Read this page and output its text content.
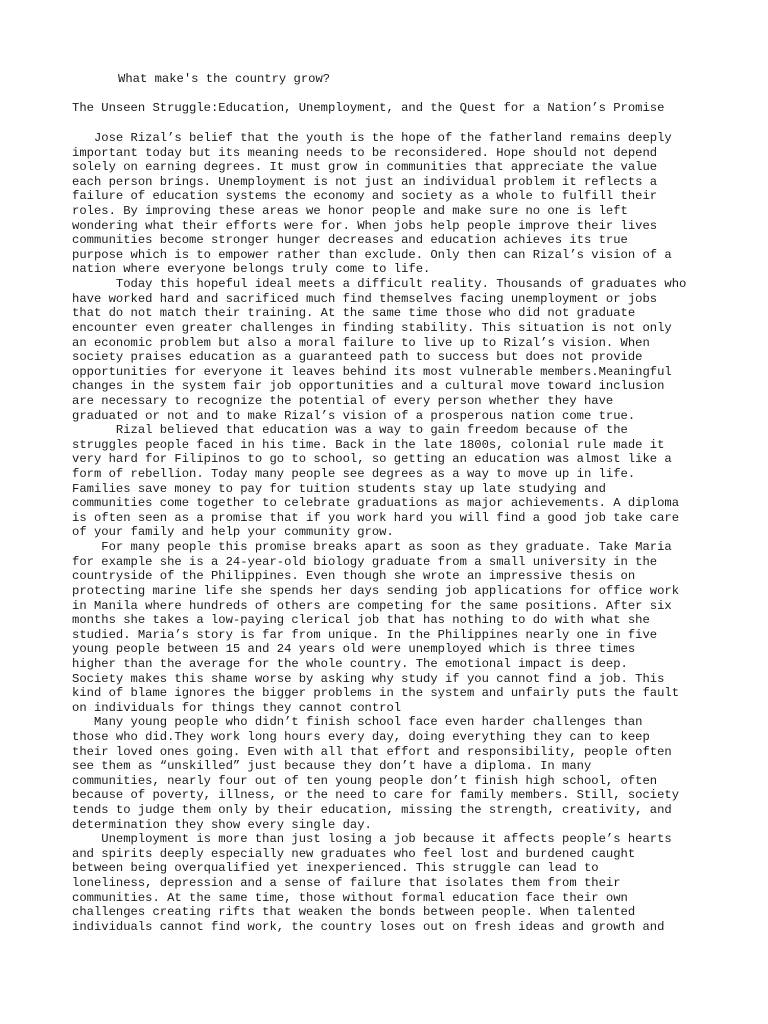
What make's the country grow?
The Unseen Struggle:Education, Unemployment, and the Quest for a Nation’s Promise
Jose Rizal’s belief that the youth is the hope of the fatherland remains deeply
important today but its meaning needs to be reconsidered. Hope should not depend
solely on earning degrees. It must grow in communities that appreciate the value
each person brings. Unemployment is not just an individual problem it reflects a
failure of education systems the economy and society as a whole to fulfill their
roles. By improving these areas we honor people and make sure no one is left
wondering what their efforts were for. When jobs help people improve their lives
communities become stronger hunger decreases and education achieves its true
purpose which is to empower rather than exclude. Only then can Rizal’s vision of a
nation where everyone belongs truly come to life.
Today this hopeful ideal meets a difficult reality. Thousands of graduates who
have worked hard and sacrificed much find themselves facing unemployment or jobs
that do not match their training. At the same time those who did not graduate
encounter even greater challenges in finding stability. This situation is not only
an economic problem but also a moral failure to live up to Rizal’s vision. When
society praises education as a guaranteed path to success but does not provide
opportunities for everyone it leaves behind its most vulnerable members.Meaningful
changes in the system fair job opportunities and a cultural move toward inclusion
are necessary to recognize the potential of every person whether they have
graduated or not and to make Rizal’s vision of a prosperous nation come true.
Rizal believed that education was a way to gain freedom because of the
struggles people faced in his time. Back in the late 1800s, colonial rule made it
very hard for Filipinos to go to school, so getting an education was almost like a
form of rebellion. Today many people see degrees as a way to move up in life.
Families save money to pay for tuition students stay up late studying and
communities come together to celebrate graduations as major achievements. A diploma
is often seen as a promise that if you work hard you will find a good job take care
of your family and help your community grow.
For many people this promise breaks apart as soon as they graduate. Take Maria
for example she is a 24-year-old biology graduate from a small university in the
countryside of the Philippines. Even though she wrote an impressive thesis on
protecting marine life she spends her days sending job applications for office work
in Manila where hundreds of others are competing for the same positions. After six
months she takes a low-paying clerical job that has nothing to do with what she
studied. Maria’s story is far from unique. In the Philippines nearly one in five
young people between 15 and 24 years old were unemployed which is three times
higher than the average for the whole country. The emotional impact is deep.
Society makes this shame worse by asking why study if you cannot find a job. This
kind of blame ignores the bigger problems in the system and unfairly puts the fault
on individuals for things they cannot control
Many young people who didn’t finish school face even harder challenges than
those who did.They work long hours every day, doing everything they can to keep
their loved ones going. Even with all that effort and responsibility, people often
see them as “unskilled” just because they don’t have a diploma. In many
communities, nearly four out of ten young people don’t finish high school, often
because of poverty, illness, or the need to care for family members. Still, society
tends to judge them only by their education, missing the strength, creativity, and
determination they show every single day.
Unemployment is more than just losing a job because it affects people’s hearts
and spirits deeply especially new graduates who feel lost and burdened caught
between being overqualified yet inexperienced. This struggle can lead to
loneliness, depression and a sense of failure that isolates them from their
communities. At the same time, those without formal education face their own
challenges creating rifts that weaken the bonds between people. When talented
individuals cannot find work, the country loses out on fresh ideas and growth and
